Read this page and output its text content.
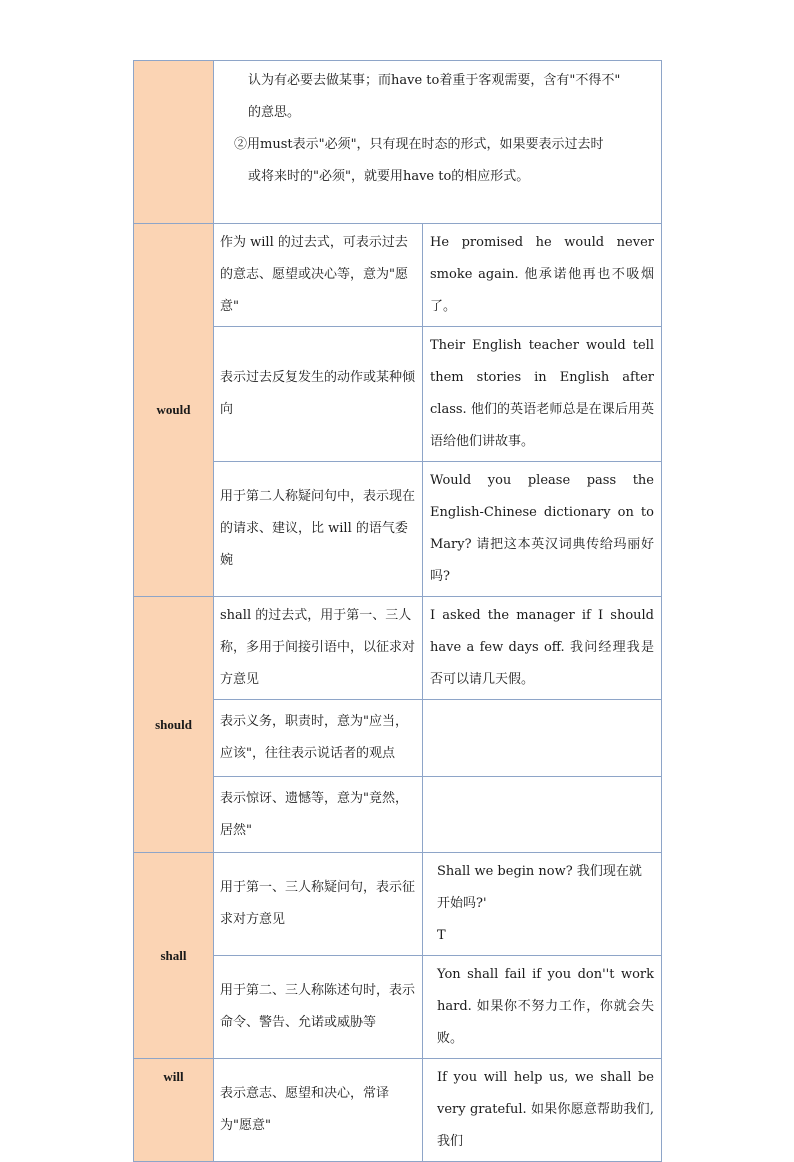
	认为有必要去做某事；而have to着重于客观需要，含有"不得不"

的意思。

②用must表示"必须"，只有现在时态的形式，如果要表示过去时

或将来时的"必须"，就要用have to的相应形式。	

would	作为 will 的过去式，可表示过去的意志、愿望或决心等，意为"愿意"	He promised he would never smoke again. 他承诺他再也不吸烟了。
	表示过去反复发生的动作或某种倾向	Their English teacher would tell them stories in English after class. 他们的英语老师总是在课后用英语给他们讲故事。
	用于第二人称疑问句中，表示现在的请求、建议，比 will 的语气委婉	Would you please pass the English-Chinese dictionary on to Mary? 请把这本英汉词典传给玛丽好吗?
should	shall 的过去式，用于第一、三人称，多用于间接引语中，以征求对方意见	I asked the manager if I should have a few days off. 我问经理我是否可以请几天假。
	表示义务，职责时，意为"应当，应该"，往往表示说话者的观点	
	表示惊讶、遗憾等，意为"竟然，居然"	
shall	用于第一、三人称疑问句，表示征求对方意见	Shall we begin now? 我们现在就开始吗?'
T

	用于第二、三人称陈述句时，表示命令、警告、允诺或威胁等	Yon shall fail if you don''t work hard. 如果你不努力工作，你就会失败。
will	表示意志、愿望和决心，常译为"愿意"	If you will help us, we shall be very grateful. 如果你愿意帮助我们,我们
